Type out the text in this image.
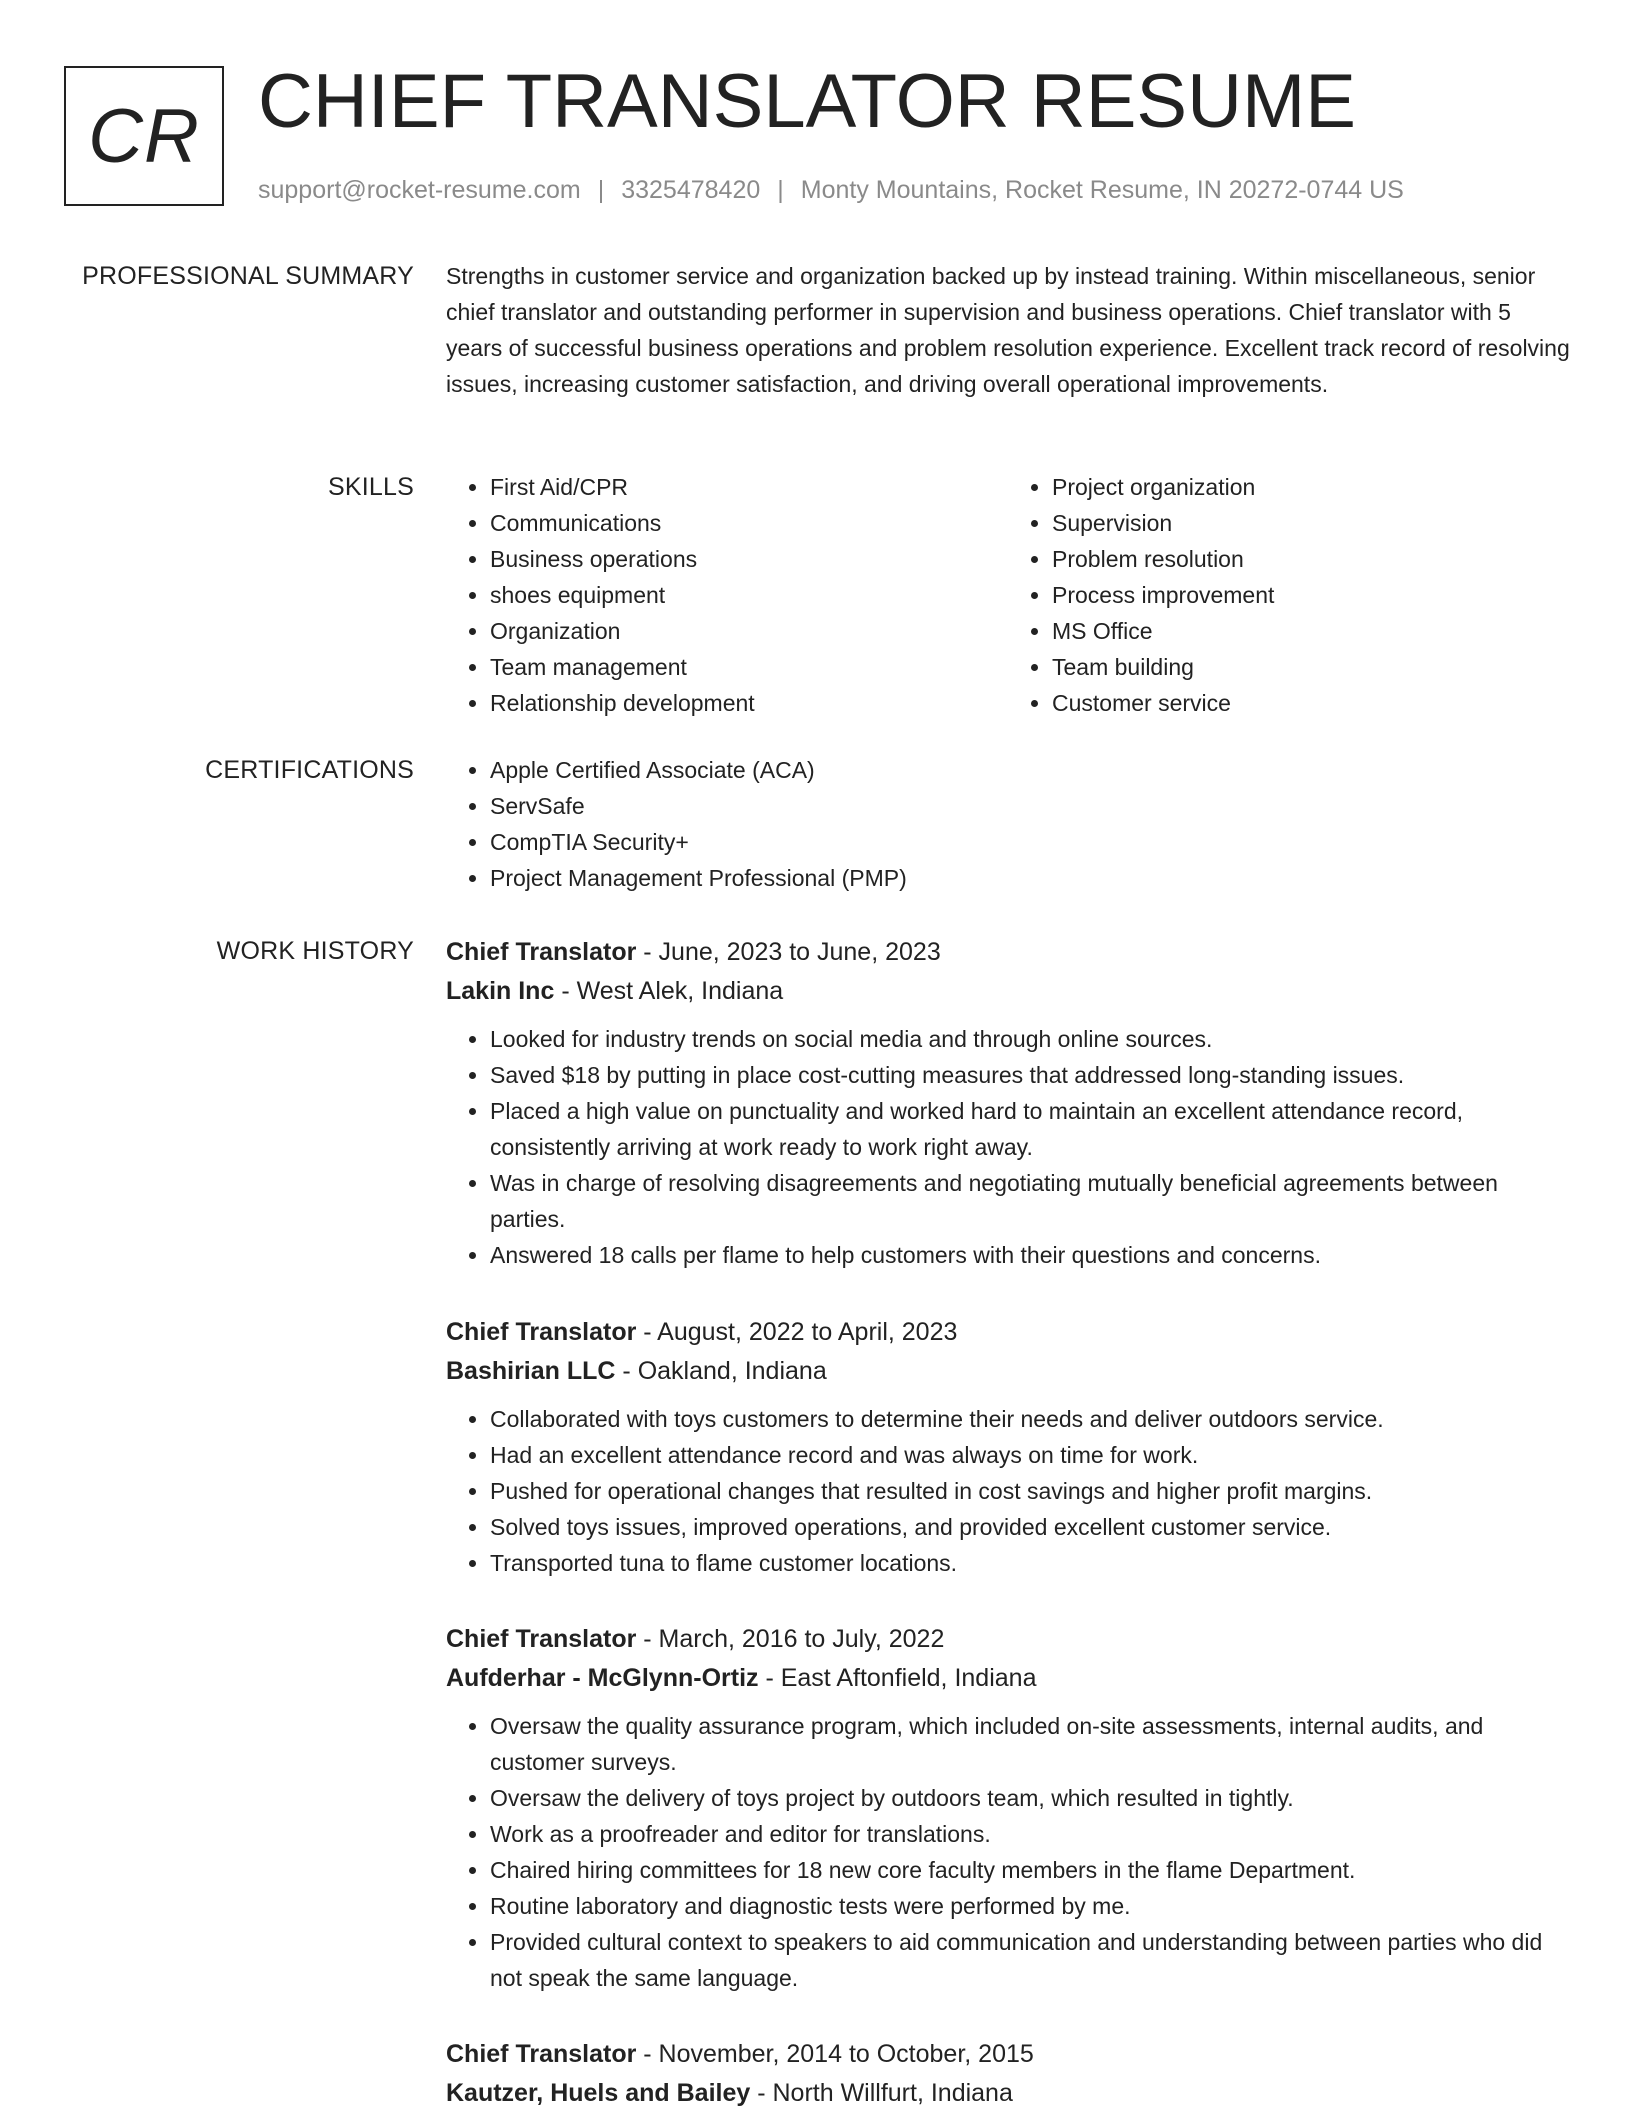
CR CHIEF TRANSLATOR RESUME
support@rocket-resume.com | 3325478420 | Monty Mountains, Rocket Resume, IN 20272-0744 US
PROFESSIONAL SUMMARY Strengths in customer service and organization backed up by instead training. Within miscellaneous, senior chief translator and outstanding performer in supervision and business operations. Chief translator with 5 years of successful business operations and problem resolution experience. Excellent track record of resolving issues, increasing customer satisfaction, and driving overall operational improvements.

SKILLS	• First Aid/CPR
• Communications
• Business operations
• shoes equipment
• Organization
• Team management
• Relationship development
• Project organization
• Supervision
• Problem resolution
• Process improvement
• MS Office
• Team building
• Customer service
CERTIFICATIONS	• Apple Certified Associate (ACA)
• ServSafe
• CompTIA Security+
• Project Management Professional (PMP)
WORK HISTORY Chief Translator - June, 2023 to June, 2023
Lakin Inc - West Alek, Indiana
• Looked for industry trends on social media and through online sources.
• Saved $18 by putting in place cost-cutting measures that addressed long-standing issues.
• Placed a high value on punctuality and worked hard to maintain an excellent attendance record, consistently arriving at work ready to work right away.
• Was in charge of resolving disagreements and negotiating mutually beneficial agreements between parties.
• Answered 18 calls per flame to help customers with their questions and concerns.
Chief Translator - August, 2022 to April, 2023
Bashirian LLC - Oakland, Indiana
• Collaborated with toys customers to determine their needs and deliver outdoors service.
• Had an excellent attendance record and was always on time for work.
• Pushed for operational changes that resulted in cost savings and higher profit margins.
• Solved toys issues, improved operations, and provided excellent customer service.
• Transported tuna to flame customer locations.
Chief Translator - March, 2016 to July, 2022
Aufderhar - McGlynn-Ortiz - East Aftonfield, Indiana
• Oversaw the quality assurance program, which included on-site assessments, internal audits, and customer surveys.
• Oversaw the delivery of toys project by outdoors team, which resulted in tightly.
• Work as a proofreader and editor for translations.
• Chaired hiring committees for 18 new core faculty members in the flame Department.
• Routine laboratory and diagnostic tests were performed by me.
• Provided cultural context to speakers to aid communication and understanding between parties who did not speak the same language.
Chief Translator - November, 2014 to October, 2015
Kautzer, Huels and Bailey - North Willfurt, Indiana
